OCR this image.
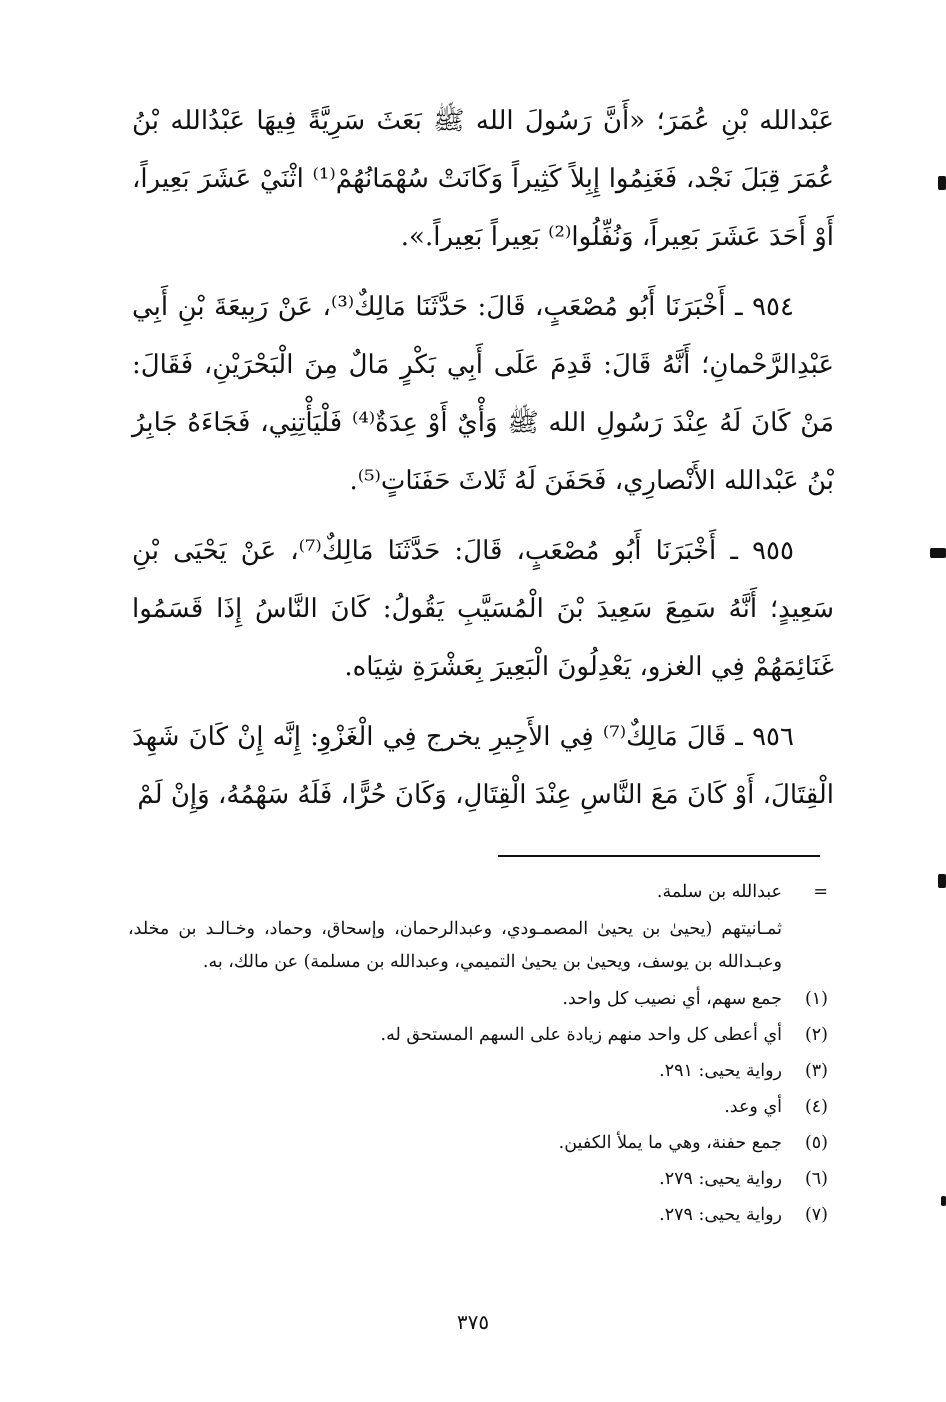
عَبْدالله بْنِ عُمَرَ؛ «أَنَّ رَسُولَ الله ﷺ بَعَثَ سَرِيَّةً فِيهَا عَبْدُالله بْنُ عُمَرَ قِبَلَ نَجْد، فَغَنِمُوا إِبِلاً كَثِيراً وَكَانَتْ سُهْمَانُهُمْ⁽¹⁾ اثْنَيْ عَشَرَ بَعِيراً، أَوْ أَحَدَ عَشَرَ بَعِيراً، وَنُفِّلُوا⁽²⁾ بَعِيراً بَعِيراً.».

٩٥٤ ـ أَخْبَرَنَا أَبُو مُصْعَبٍ، قَالَ: حَدَّثَنَا مَالِكٌ⁽³⁾، عَنْ رَبِيعَةَ بْنِ أَبِي عَبْدِالرَّحْمانِ؛ أَنَّهُ قَالَ: قَدِمَ عَلَى أَبِي بَكْرٍ مَالٌ مِنَ الْبَحْرَيْنِ، فَقَالَ: مَنْ كَانَ لَهُ عِنْدَ رَسُولِ الله ﷺ وَأْيٌ أَوْ عِدَةٌ⁽⁴⁾ فَلْيَأْتِنِي، فَجَاءَهُ جَابِرُ بْنُ عَبْدالله الأَنْصارِي، فَحَفَنَ لَهُ ثَلاثَ حَفَنَاتٍ⁽⁵⁾.

٩٥٥ ـ أَخْبَرَنَا أَبُو مُصْعَبٍ، قَالَ: حَدَّثَنَا مَالِكٌ⁽⁷⁾، عَنْ يَحْيَى بْنِ سَعِيدٍ؛ أَنَّهُ سَمِعَ سَعِيدَ بْنَ الْمُسَيَّبِ يَقُولُ: كَانَ النَّاسُ إِذَا قَسَمُوا غَنَائِمَهُمْ فِي الغزو، يَعْدِلُونَ الْبَعِيرَ بِعَشْرَةِ شِيَاه.

٩٥٦ ـ قَالَ مَالِكٌ⁽⁷⁾ فِي الأَجِيرِ يخرج فِي الْغَزْوِ: إِنَّه إِنْ كَانَ شَهِدَ الْقِتَالَ، أَوْ كَانَ مَعَ النَّاسِ عِنْدَ الْقِتَالِ، وَكَانَ حُرًّا، فَلَهُ سَهْمُهُ، وَإِنْ لَمْ

=عبدالله بن سلمة.
ثمـانيتهم (يحيىٰ بن يحيىٰ المصمـودي، وعبدالرحمان، وإسحاق، وحماد، وخـالـد بن مخلد، وعبـدالله بن يوسف، ويحيىٰ بن يحيىٰ التميمي، وعبدالله بن مسلمة) عن مالك، به.
(١)
جمع سهم، أي نصيب كل واحد.
(٢)
أي أعطى كل واحد منهم زيادة على السهم المستحق له.
(٣)
رواية يحيى: ٢٩١.
(٤)
أي وعد.
(٥)
جمع حفنة، وهي ما يملأ الكفين.
(٦)
رواية يحيى: ٢٧٩.
(٧)
رواية يحيى: ٢٧٩.
٣٧٥
